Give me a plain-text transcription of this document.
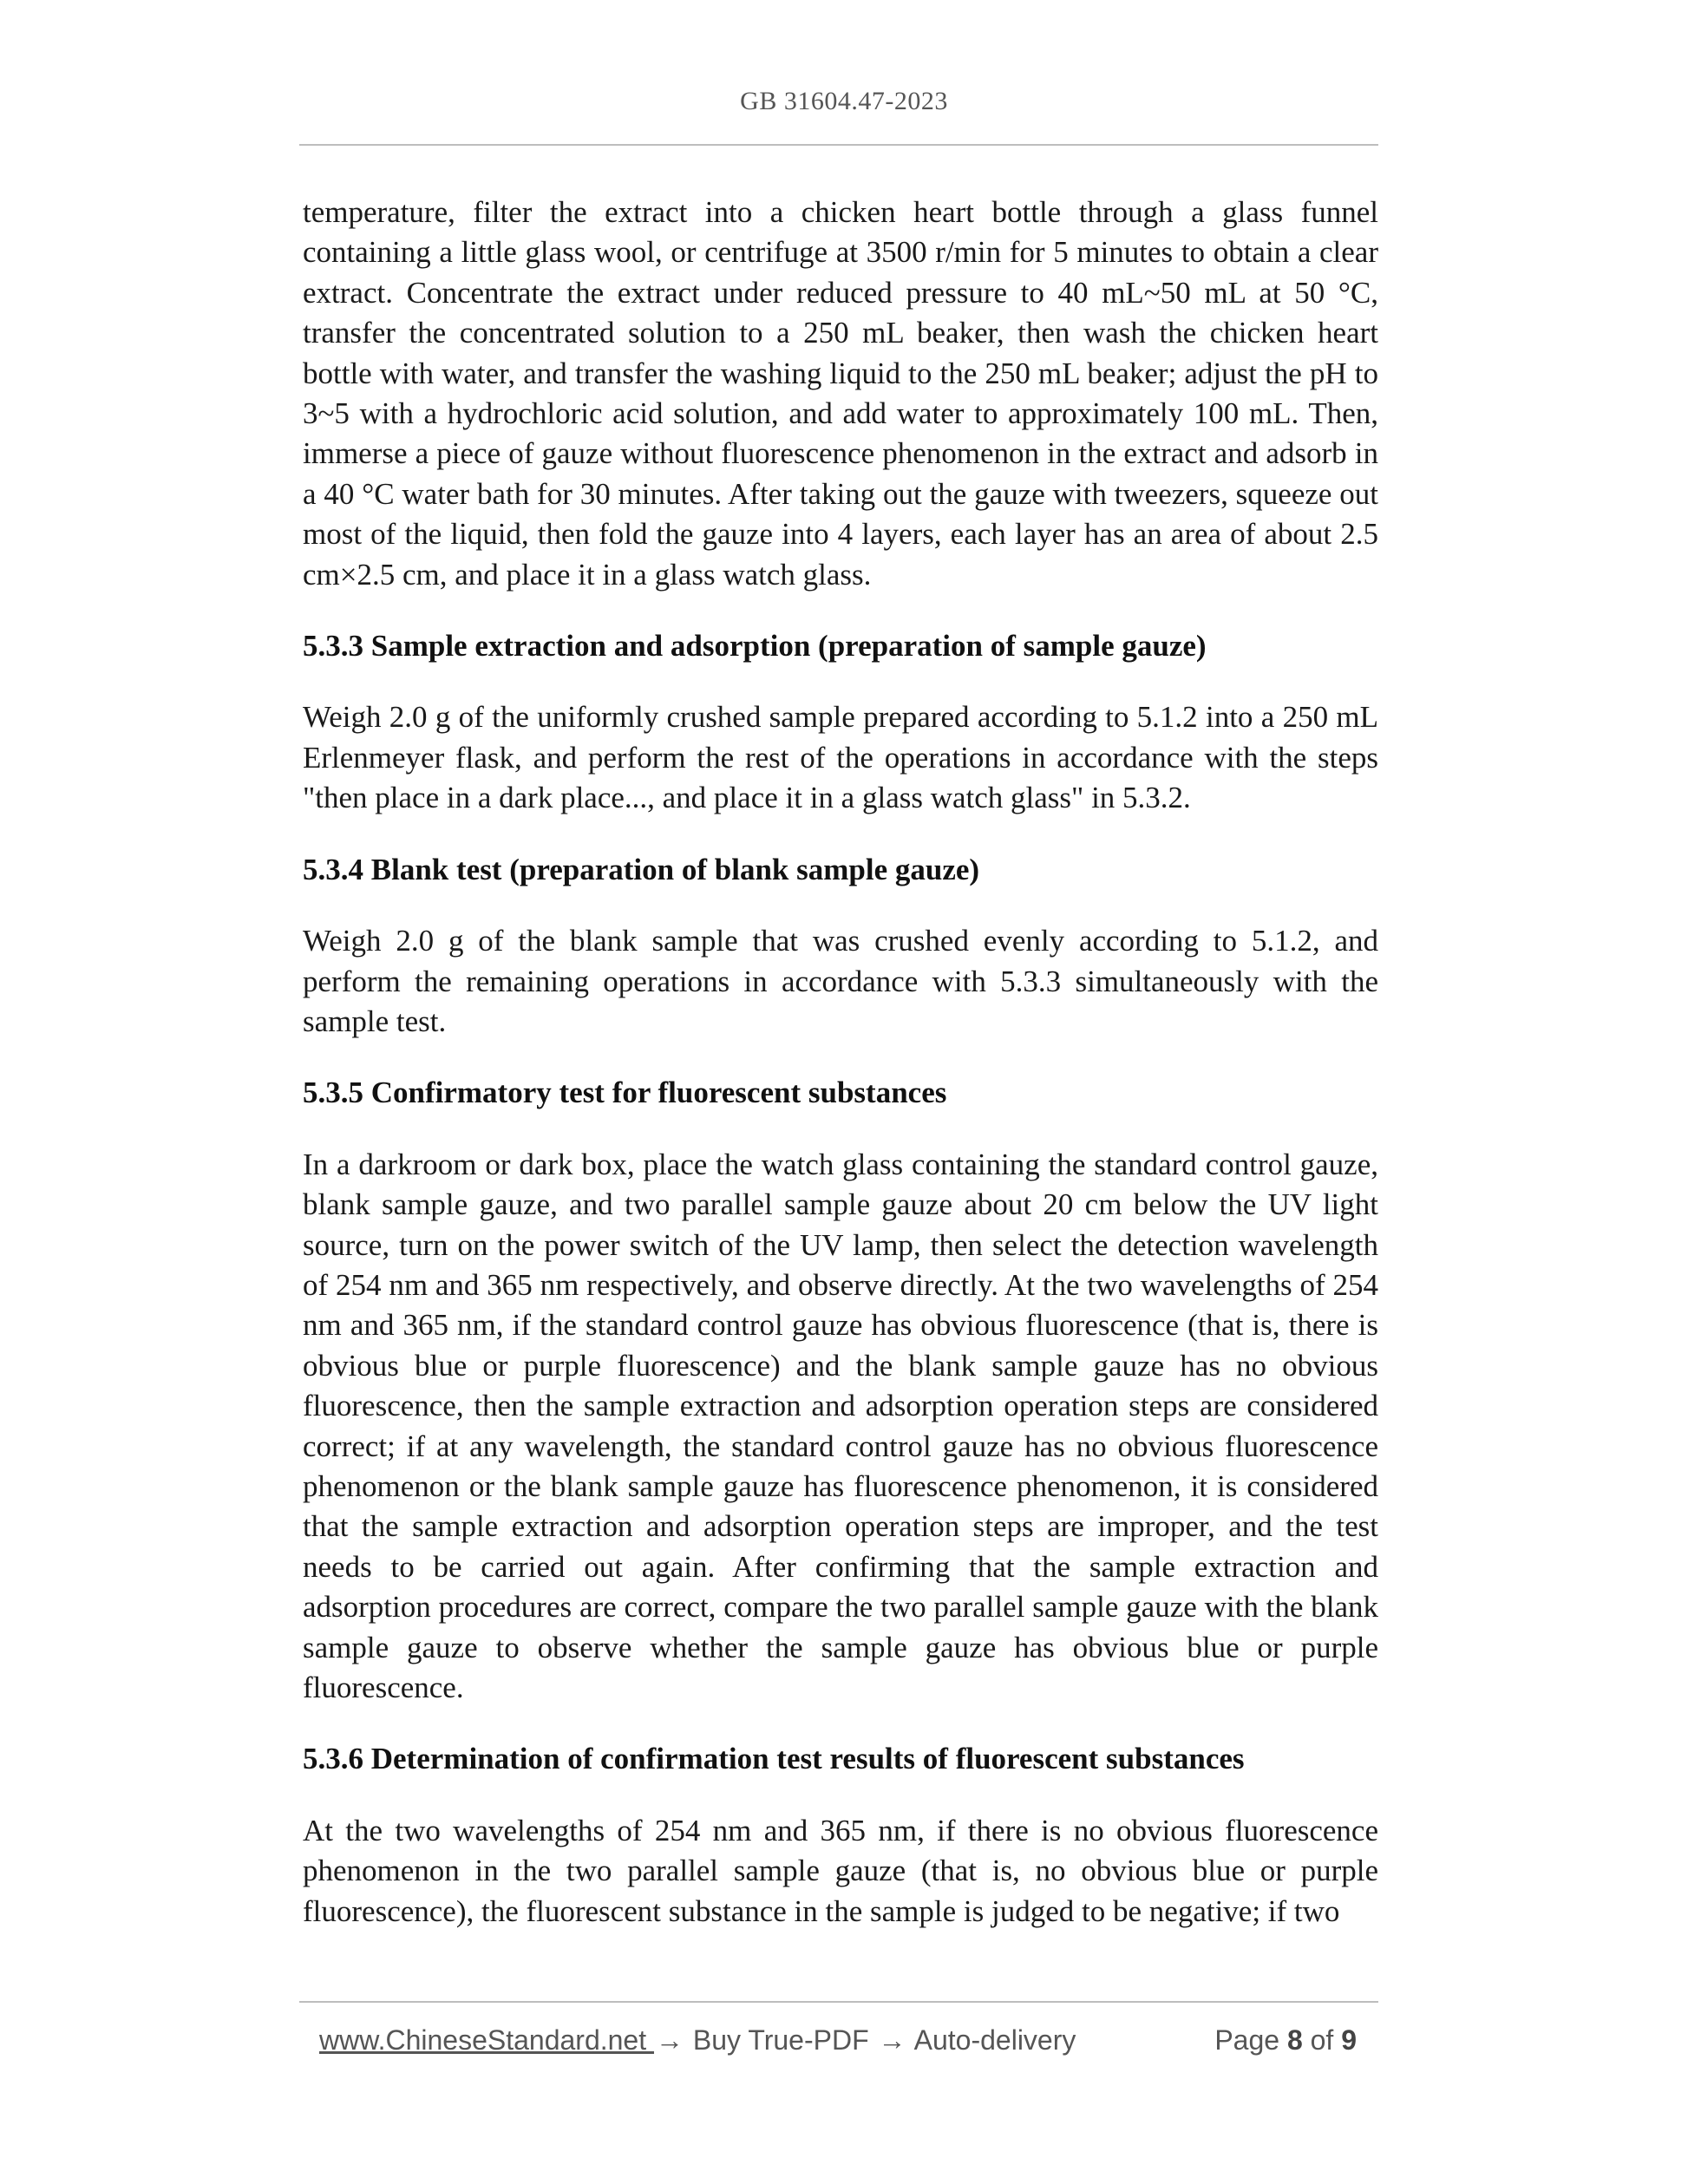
GB 31604.47-2023

temperature, filter the extract into a chicken heart bottle through a glass funnel containing a little glass wool, or centrifuge at 3500 r/min for 5 minutes to obtain a clear extract. Concentrate the extract under reduced pressure to 40 mL~50 mL at 50 °C, transfer the concentrated solution to a 250 mL beaker, then wash the chicken heart bottle with water, and transfer the washing liquid to the 250 mL beaker; adjust the pH to 3~5 with a hydrochloric acid solution, and add water to approximately 100 mL. Then, immerse a piece of gauze without fluorescence phenomenon in the extract and adsorb in a 40 °C water bath for 30 minutes. After taking out the gauze with tweezers, squeeze out most of the liquid, then fold the gauze into 4 layers, each layer has an area of about 2.5 cm×2.5 cm, and place it in a glass watch glass.

5.3.3 Sample extraction and adsorption (preparation of sample gauze)

Weigh 2.0 g of the uniformly crushed sample prepared according to 5.1.2 into a 250 mL Erlenmeyer flask, and perform the rest of the operations in accordance with the steps "then place in a dark place..., and place it in a glass watch glass" in 5.3.2.

5.3.4 Blank test (preparation of blank sample gauze)

Weigh 2.0 g of the blank sample that was crushed evenly according to 5.1.2, and perform the remaining operations in accordance with 5.3.3 simultaneously with the sample test.

5.3.5 Confirmatory test for fluorescent substances

In a darkroom or dark box, place the watch glass containing the standard control gauze, blank sample gauze, and two parallel sample gauze about 20 cm below the UV light source, turn on the power switch of the UV lamp, then select the detection wavelength of 254 nm and 365 nm respectively, and observe directly. At the two wavelengths of 254 nm and 365 nm, if the standard control gauze has obvious fluorescence (that is, there is obvious blue or purple fluorescence) and the blank sample gauze has no obvious fluorescence, then the sample extraction and adsorption operation steps are considered correct; if at any wavelength, the standard control gauze has no obvious fluorescence phenomenon or the blank sample gauze has fluorescence phenomenon, it is considered that the sample extraction and adsorption operation steps are improper, and the test needs to be carried out again. After confirming that the sample extraction and adsorption procedures are correct, compare the two parallel sample gauze with the blank sample gauze to observe whether the sample gauze has obvious blue or purple fluorescence.

5.3.6 Determination of confirmation test results of fluorescent substances

At the two wavelengths of 254 nm and 365 nm, if there is no obvious fluorescence phenomenon in the two parallel sample gauze (that is, no obvious blue or purple fluorescence), the fluorescent substance in the sample is judged to be negative; if two

www.ChineseStandard.net → Buy True-PDF → Auto-delivery	Page 8 of 9
